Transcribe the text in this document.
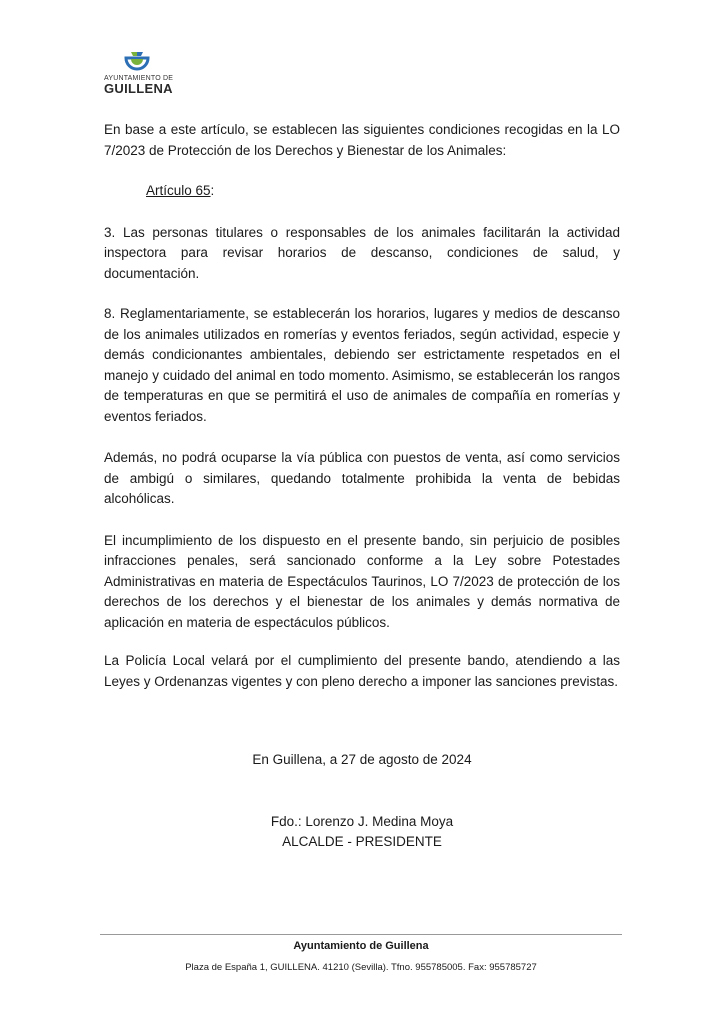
AYUNTAMIENTO DE
GUILLENA

En base a este artículo, se establecen las siguientes condiciones recogidas en la LO 7/2023 de Protección de los Derechos y Bienestar de los Animales:

Artículo 65:

3. Las personas titulares o responsables de los animales facilitarán la actividad inspectora para revisar horarios de descanso, condiciones de salud, y documentación.

8. Reglamentariamente, se establecerán los horarios, lugares y medios de descanso de los animales utilizados en romerías y eventos feriados, según actividad, especie y demás condicionantes ambientales, debiendo ser estrictamente respetados en el manejo y cuidado del animal en todo momento. Asimismo, se establecerán los rangos de temperaturas en que se permitirá el uso de animales de compañía en romerías y eventos feriados.

Además, no podrá ocuparse la vía pública con puestos de venta, así como servicios de ambigú o similares, quedando totalmente prohibida la venta de bebidas alcohólicas.

El incumplimiento de los dispuesto en el presente bando, sin perjuicio de posibles infracciones penales, será sancionado conforme a la Ley sobre Potestades Administrativas en materia de Espectáculos Taurinos, LO 7/2023 de protección de los derechos de los derechos y el bienestar de los animales y demás normativa de aplicación en materia de espectáculos públicos.

La Policía Local velará por el cumplimiento del presente bando, atendiendo a las Leyes y Ordenanzas vigentes y con pleno derecho a imponer las sanciones previstas.

En Guillena, a 27 de agosto de 2024
Fdo.: Lorenzo J. Medina Moya
ALCALDE - PRESIDENTE
Ayuntamiento de Guillena
Plaza de España 1, GUILLENA. 41210 (Sevilla). Tfno. 955785005. Fax: 955785727
